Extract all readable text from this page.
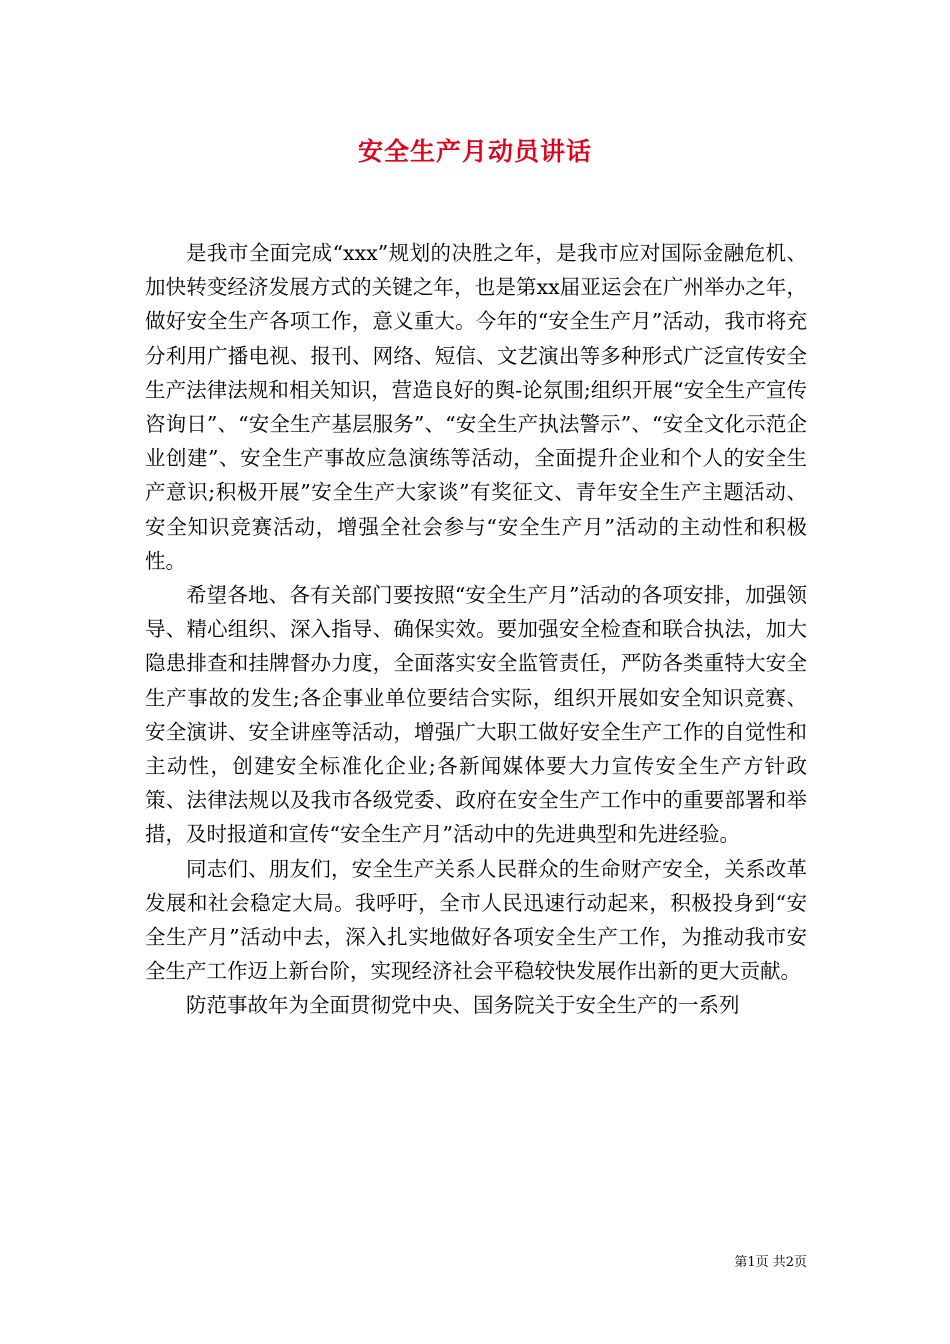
安全生产月动员讲话

是我市全面完成“xxx”规划的决胜之年，是我市应对国际金融危机、加快转变经济发展方式的关键之年，也是第xx届亚运会在广州举办之年，做好安全生产各项工作，意义重大。今年的“安全生产月”活动，我市将充分利用广播电视、报刊、网络、短信、文艺演出等多种形式广泛宣传安全生产法律法规和相关知识，营造良好的舆-论氛围;组织开展“安全生产宣传咨询日”、“安全生产基层服务”、“安全生产执法警示”、“安全文化示范企业创建”、安全生产事故应急演练等活动，全面提升企业和个人的安全生产意识;积极开展”安全生产大家谈”有奖征文、青年安全生产主题活动、安全知识竞赛活动，增强全社会参与“安全生产月”活动的主动性和积极性。

希望各地、各有关部门要按照“安全生产月”活动的各项安排，加强领导、精心组织、深入指导、确保实效。要加强安全检查和联合执法，加大隐患排查和挂牌督办力度，全面落实安全监管责任，严防各类重特大安全生产事故的发生;各企事业单位要结合实际，组织开展如安全知识竞赛、安全演讲、安全讲座等活动，增强广大职工做好安全生产工作的自觉性和主动性，创建安全标准化企业;各新闻媒体要大力宣传安全生产方针政策、法律法规以及我市各级党委、政府在安全生产工作中的重要部署和举措，及时报道和宣传“安全生产月”活动中的先进典型和先进经验。

同志们、朋友们，安全生产关系人民群众的生命财产安全，关系改革发展和社会稳定大局。我呼吁，全市人民迅速行动起来，积极投身到“安全生产月”活动中去，深入扎实地做好各项安全生产工作，为推动我市安全生产工作迈上新台阶，实现经济社会平稳较快发展作出新的更大贡献。

防范事故年为全面贯彻党中央、国务院关于安全生产的一系列

第1页 共2页
